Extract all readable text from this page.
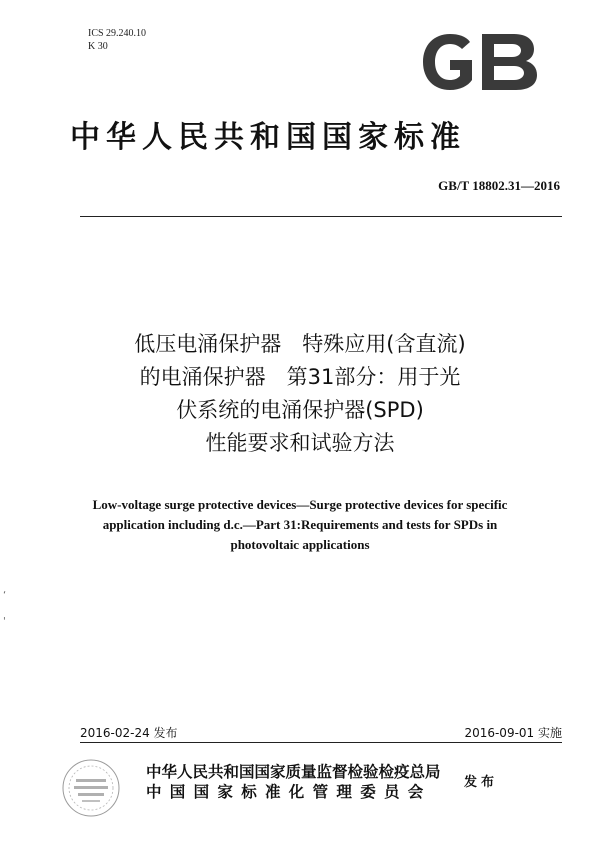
ICS 29.240.10
K 30
中华人民共和国国家标准
GB/T 18802.31—2016
低压电涌保护器　特殊应用(含直流)
的电涌保护器　第31部分：用于光
伏系统的电涌保护器(SPD)
性能要求和试验方法
Low-voltage surge protective devices—Surge protective devices for specific
application including d.c.—Part 31:Requirements and tests for SPDs in
photovoltaic applications
‘
'
2016-02-24 发布	2016-09-01 实施
中华人民共和国国家质量监督检验检疫总局
中国国家标准化管理委员会
发布
